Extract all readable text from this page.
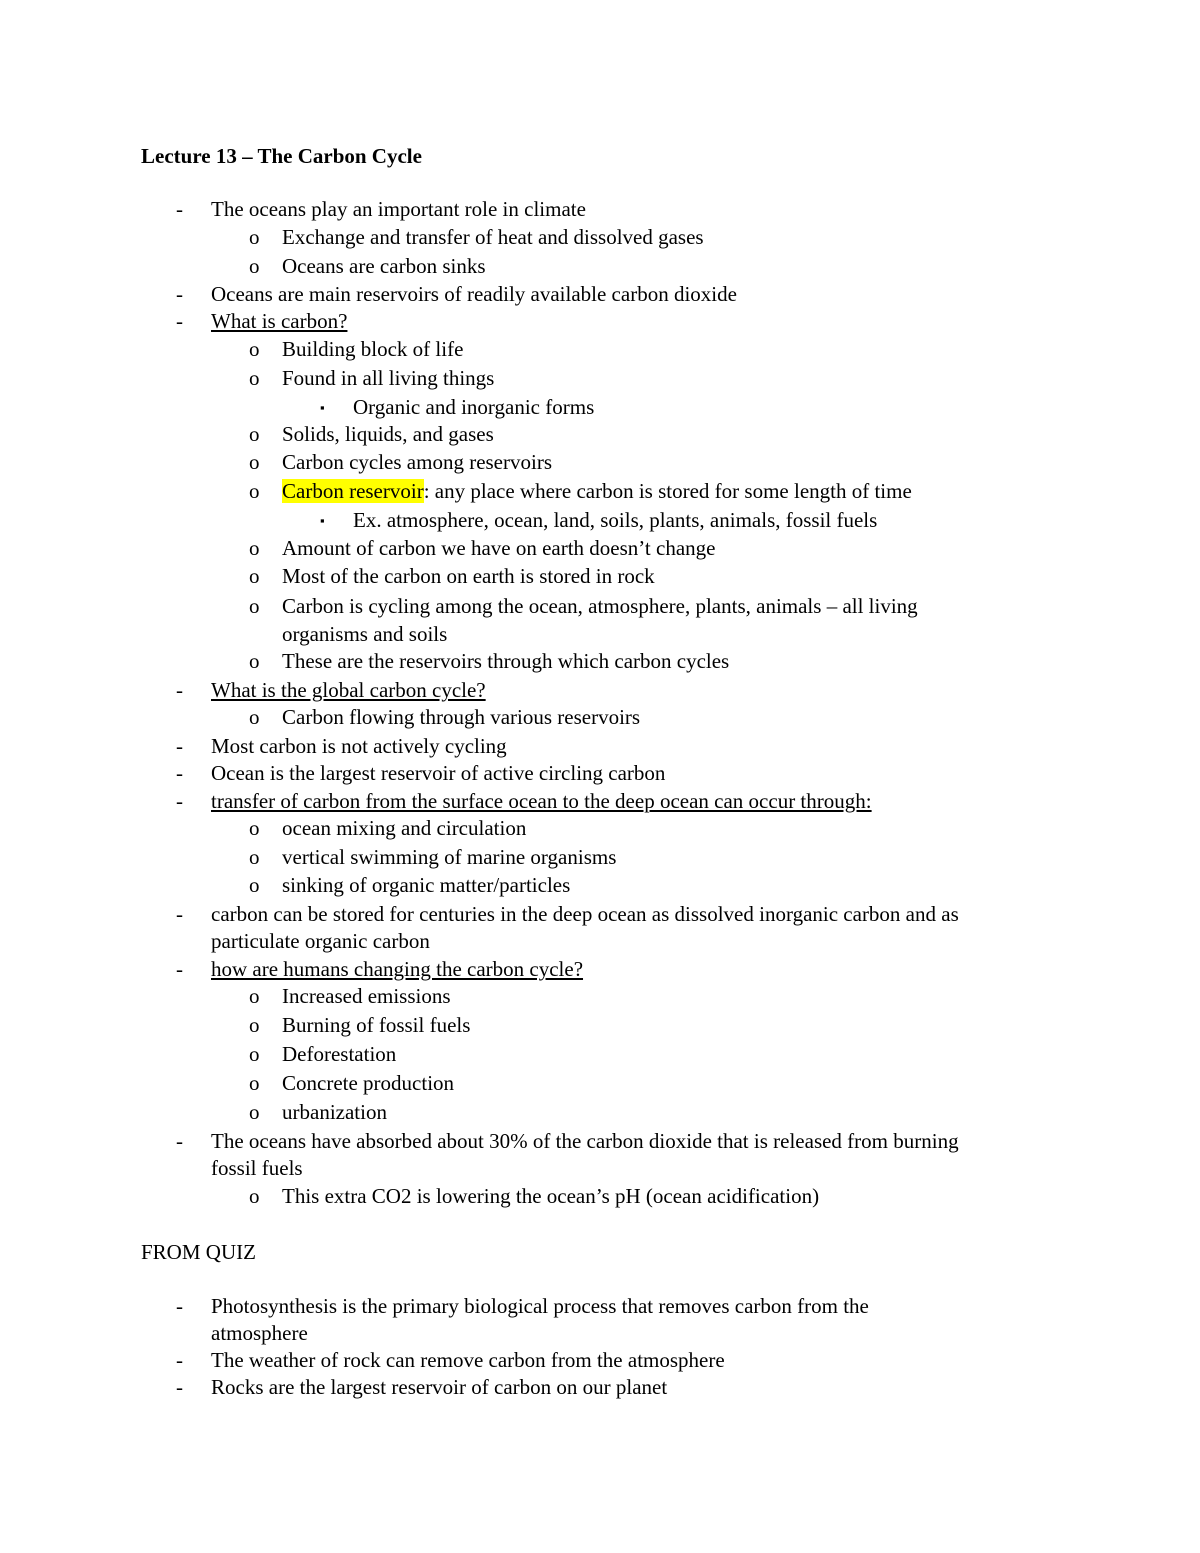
Lecture 13 – The Carbon Cycle
- The oceans play an important role in climate
o Exchange and transfer of heat and dissolved gases
o Oceans are carbon sinks
- Oceans are main reservoirs of readily available carbon dioxide
- What is carbon?
o Building block of life
o Found in all living things
▪ Organic and inorganic forms
o Solids, liquids, and gases
o Carbon cycles among reservoirs
o Carbon reservoir: any place where carbon is stored for some length of time
▪ Ex. atmosphere, ocean, land, soils, plants, animals, fossil fuels
o Amount of carbon we have on earth doesn’t change
o Most of the carbon on earth is stored in rock
o Carbon is cycling among the ocean, atmosphere, plants, animals – all living
organisms and soils
o These are the reservoirs through which carbon cycles
- What is the global carbon cycle?
o Carbon flowing through various reservoirs
- Most carbon is not actively cycling
- Ocean is the largest reservoir of active circling carbon
- transfer of carbon from the surface ocean to the deep ocean can occur through:
o ocean mixing and circulation
o vertical swimming of marine organisms
o sinking of organic matter/particles
- carbon can be stored for centuries in the deep ocean as dissolved inorganic carbon and as
particulate organic carbon
- how are humans changing the carbon cycle?
o Increased emissions
o Burning of fossil fuels
o Deforestation
o Concrete production
o urbanization
- The oceans have absorbed about 30% of the carbon dioxide that is released from burning
fossil fuels
o This extra CO2 is lowering the ocean’s pH (ocean acidification)
FROM QUIZ
- Photosynthesis is the primary biological process that removes carbon from the
atmosphere
- The weather of rock can remove carbon from the atmosphere
- Rocks are the largest reservoir of carbon on our planet
